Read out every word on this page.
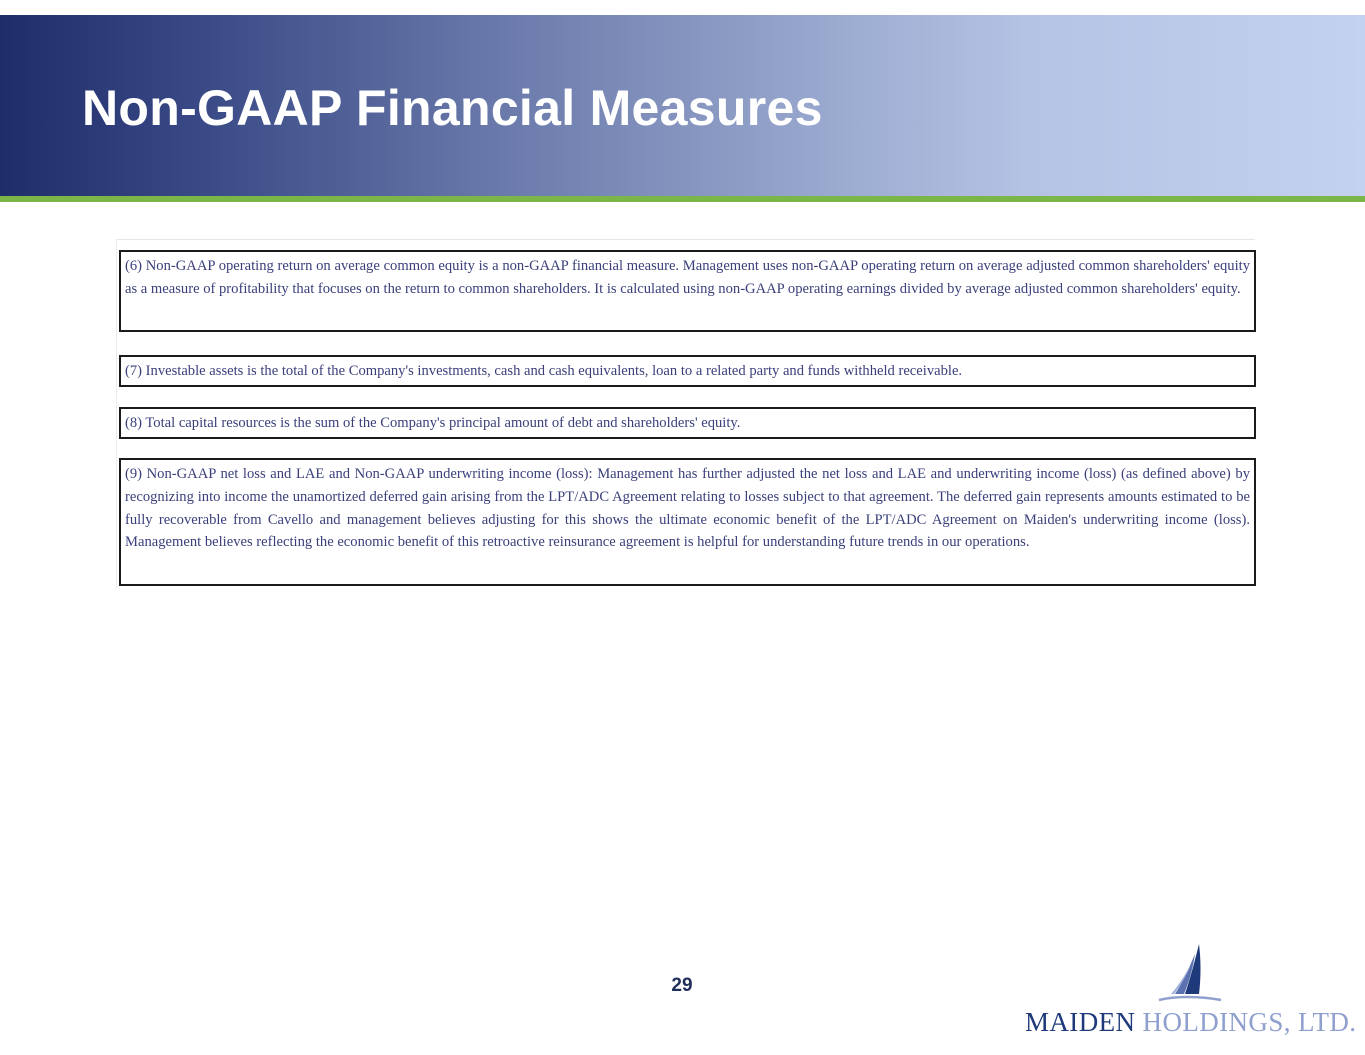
Non-GAAP Financial Measures
(6) Non-GAAP operating return on average common equity is a non-GAAP financial measure. Management uses non-GAAP operating return on average adjusted common shareholders' equity as a measure of profitability that focuses on the return to common shareholders. It is calculated using non-GAAP operating earnings divided by average adjusted common shareholders' equity.
(7) Investable assets is the total of the Company's investments, cash and cash equivalents, loan to a related party and funds withheld receivable.
(8) Total capital resources is the sum of the Company's principal amount of debt and shareholders' equity.
(9) Non-GAAP net loss and LAE and Non-GAAP underwriting income (loss): Management has further adjusted the net loss and LAE and underwriting income (loss) (as defined above) by recognizing into income the unamortized deferred gain arising from the LPT/ADC Agreement relating to losses subject to that agreement. The deferred gain represents amounts estimated to be fully recoverable from Cavello and management believes adjusting for this shows the ultimate economic benefit of the LPT/ADC Agreement on Maiden's underwriting income (loss). Management believes reflecting the economic benefit of this retroactive reinsurance agreement is helpful for understanding future trends in our operations.
29
MAIDEN HOLDINGS, LTD.
